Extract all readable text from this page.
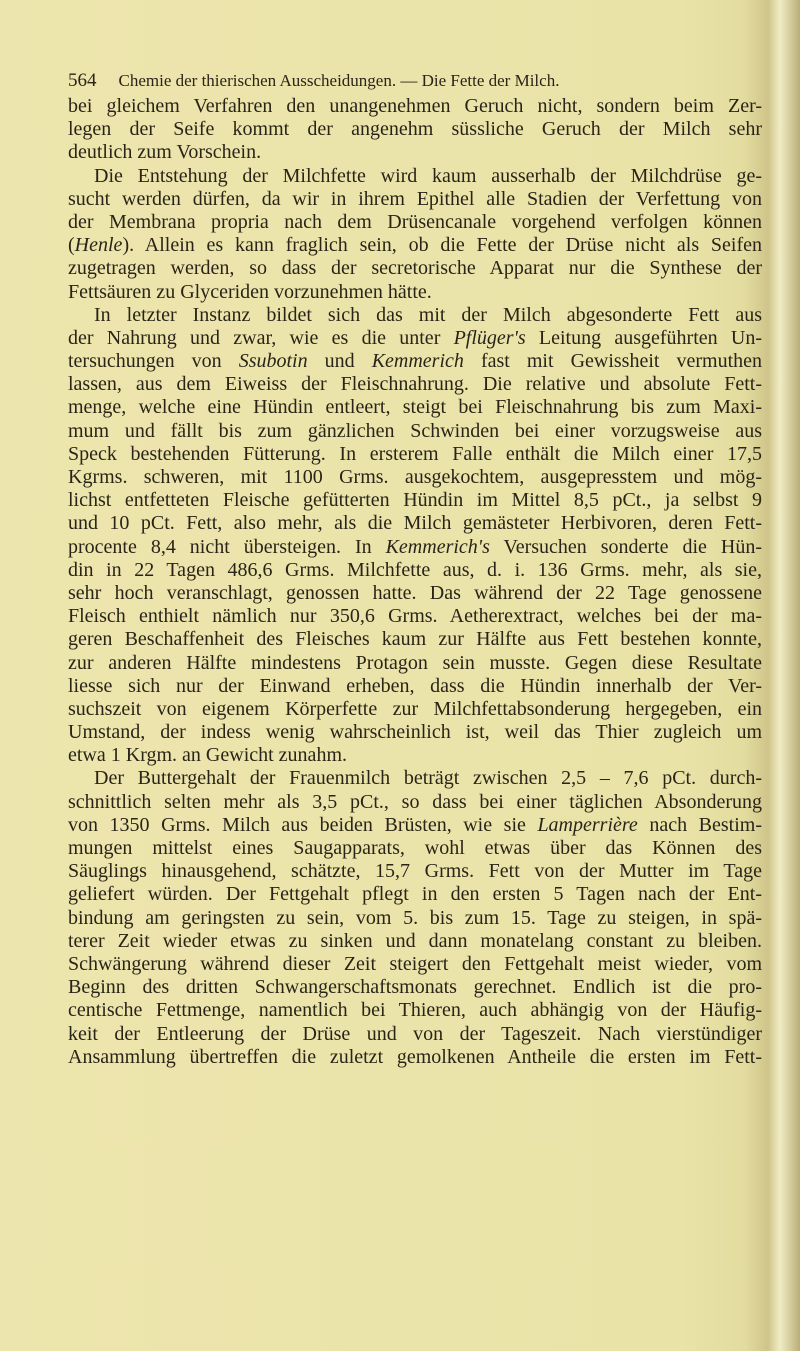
564 Chemie der thierischen Ausscheidungen. — Die Fette der Milch.
bei gleichem Verfahren den unangenehmen Geruch nicht, sondern beim Zer-
legen der Seife kommt der angenehm süssliche Geruch der Milch sehr
deutlich zum Vorschein.
Die Entstehung der Milchfette wird kaum ausserhalb der Milchdrüse ge-
sucht werden dürfen, da wir in ihrem Epithel alle Stadien der Verfettung von
der Membrana propria nach dem Drüsencanale vorgehend verfolgen können
(Henle). Allein es kann fraglich sein, ob die Fette der Drüse nicht als Seifen
zugetragen werden, so dass der secretorische Apparat nur die Synthese der
Fettsäuren zu Glyceriden vorzunehmen hätte.
In letzter Instanz bildet sich das mit der Milch abgesonderte Fett aus
der Nahrung und zwar, wie es die unter Pflüger's Leitung ausgeführten Un-
tersuchungen von Ssubotin und Kemmerich fast mit Gewissheit vermuthen
lassen, aus dem Eiweiss der Fleischnahrung. Die relative und absolute Fett-
menge, welche eine Hündin entleert, steigt bei Fleischnahrung bis zum Maxi-
mum und fällt bis zum gänzlichen Schwinden bei einer vorzugsweise aus
Speck bestehenden Fütterung. In ersterem Falle enthält die Milch einer 17,5
Kgrms. schweren, mit 1100 Grms. ausgekochtem, ausgepresstem und mög-
lichst entfetteten Fleische gefütterten Hündin im Mittel 8,5 pCt., ja selbst 9
und 10 pCt. Fett, also mehr, als die Milch gemästeter Herbivoren, deren Fett-
procente 8,4 nicht übersteigen. In Kemmerich's Versuchen sonderte die Hün-
din in 22 Tagen 486,6 Grms. Milchfette aus, d. i. 136 Grms. mehr, als sie,
sehr hoch veranschlagt, genossen hatte. Das während der 22 Tage genossene
Fleisch enthielt nämlich nur 350,6 Grms. Aetherextract, welches bei der ma-
geren Beschaffenheit des Fleisches kaum zur Hälfte aus Fett bestehen konnte,
zur anderen Hälfte mindestens Protagon sein musste. Gegen diese Resultate
liesse sich nur der Einwand erheben, dass die Hündin innerhalb der Ver-
suchszeit von eigenem Körperfette zur Milchfettabsonderung hergegeben, ein
Umstand, der indess wenig wahrscheinlich ist, weil das Thier zugleich um
etwa 1 Krgm. an Gewicht zunahm.
Der Buttergehalt der Frauenmilch beträgt zwischen 2,5 – 7,6 pCt. durch-
schnittlich selten mehr als 3,5 pCt., so dass bei einer täglichen Absonderung
von 1350 Grms. Milch aus beiden Brüsten, wie sie Lamperrière nach Bestim-
mungen mittelst eines Saugapparats, wohl etwas über das Können des
Säuglings hinausgehend, schätzte, 15,7 Grms. Fett von der Mutter im Tage
geliefert würden. Der Fettgehalt pflegt in den ersten 5 Tagen nach der Ent-
bindung am geringsten zu sein, vom 5. bis zum 15. Tage zu steigen, in spä-
terer Zeit wieder etwas zu sinken und dann monatelang constant zu bleiben.
Schwängerung während dieser Zeit steigert den Fettgehalt meist wieder, vom
Beginn des dritten Schwangerschaftsmonats gerechnet. Endlich ist die pro-
centische Fettmenge, namentlich bei Thieren, auch abhängig von der Häufig-
keit der Entleerung der Drüse und von der Tageszeit. Nach vierstündiger
Ansammlung übertreffen die zuletzt gemolkenen Antheile die ersten im Fett-
